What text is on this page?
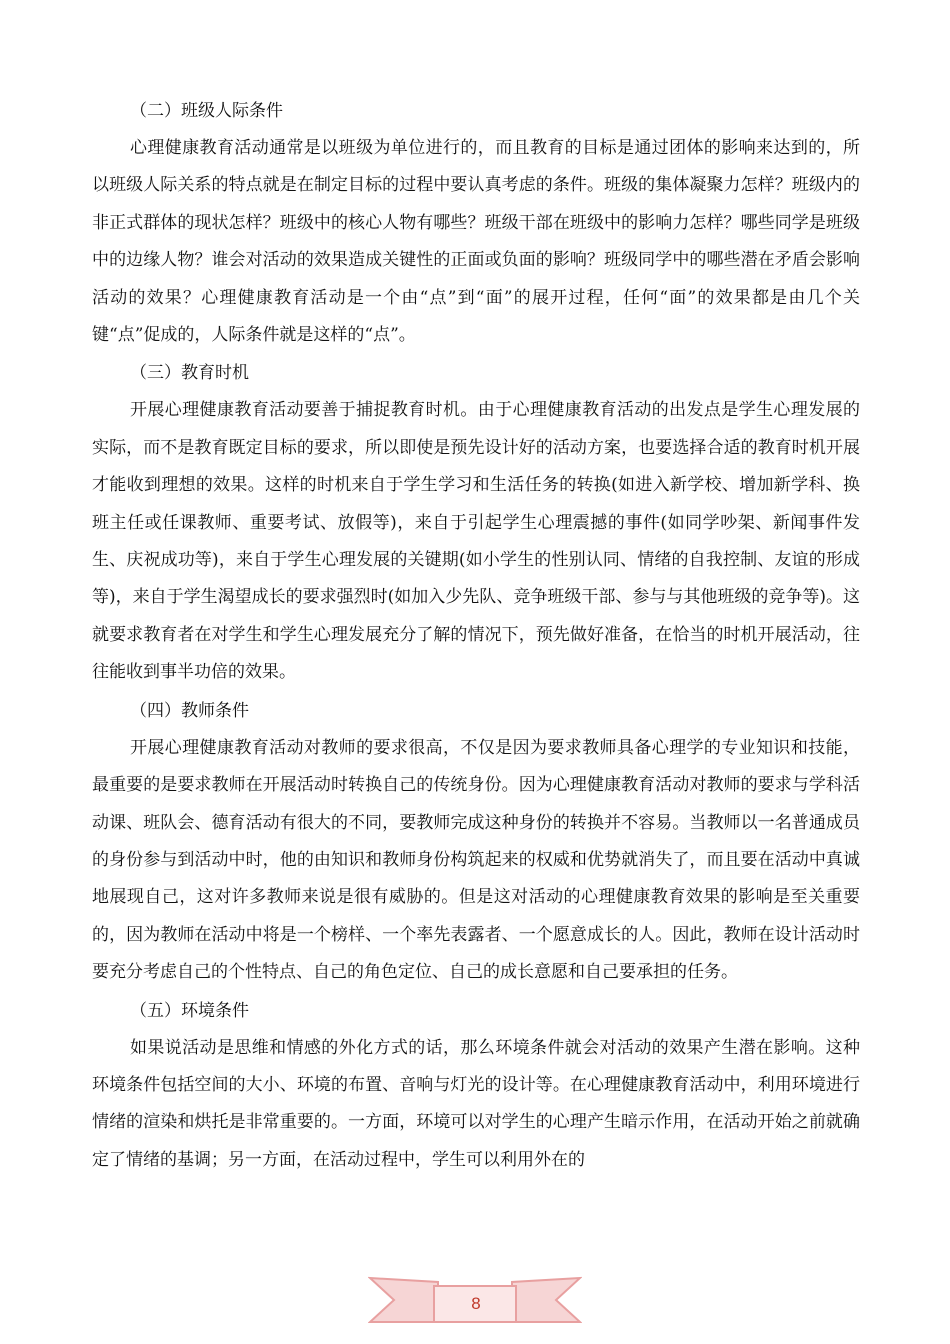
（二）班级人际条件

心理健康教育活动通常是以班级为单位进行的，而且教育的目标是通过团体的影响来达到的，所以班级人际关系的特点就是在制定目标的过程中要认真考虑的条件。班级的集体凝聚力怎样？班级内的非正式群体的现状怎样？班级中的核心人物有哪些？班级干部在班级中的影响力怎样？哪些同学是班级中的边缘人物？谁会对活动的效果造成关键性的正面或负面的影响？班级同学中的哪些潜在矛盾会影响活动的效果？心理健康教育活动是一个由“点”到“面”的展开过程，任何“面”的效果都是由几个关键“点”促成的，人际条件就是这样的“点”。

（三）教育时机

开展心理健康教育活动要善于捕捉教育时机。由于心理健康教育活动的出发点是学生心理发展的实际，而不是教育既定目标的要求，所以即使是预先设计好的活动方案，也要选择合适的教育时机开展才能收到理想的效果。这样的时机来自于学生学习和生活任务的转换(如进入新学校、增加新学科、换班主任或任课教师、重要考试、放假等)，来自于引起学生心理震撼的事件(如同学吵架、新闻事件发生、庆祝成功等)，来自于学生心理发展的关键期(如小学生的性别认同、情绪的自我控制、友谊的形成等)，来自于学生渴望成长的要求强烈时(如加入少先队、竞争班级干部、参与与其他班级的竞争等)。这就要求教育者在对学生和学生心理发展充分了解的情况下，预先做好准备，在恰当的时机开展活动，往往能收到事半功倍的效果。

（四）教师条件

开展心理健康教育活动对教师的要求很高，不仅是因为要求教师具备心理学的专业知识和技能，最重要的是要求教师在开展活动时转换自己的传统身份。因为心理健康教育活动对教师的要求与学科活动课、班队会、德育活动有很大的不同，要教师完成这种身份的转换并不容易。当教师以一名普通成员的身份参与到活动中时，他的由知识和教师身份构筑起来的权威和优势就消失了，而且要在活动中真诚地展现自己，这对许多教师来说是很有威胁的。但是这对活动的心理健康教育效果的影响是至关重要的，因为教师在活动中将是一个榜样、一个率先表露者、一个愿意成长的人。因此，教师在设计活动时要充分考虑自己的个性特点、自己的角色定位、自己的成长意愿和自己要承担的任务。

（五）环境条件

如果说活动是思维和情感的外化方式的话，那么环境条件就会对活动的效果产生潜在影响。这种环境条件包括空间的大小、环境的布置、音响与灯光的设计等。在心理健康教育活动中，利用环境进行情绪的渲染和烘托是非常重要的。一方面，环境可以对学生的心理产生暗示作用，在活动开始之前就确定了情绪的基调；另一方面，在活动过程中，学生可以利用外在的

8
